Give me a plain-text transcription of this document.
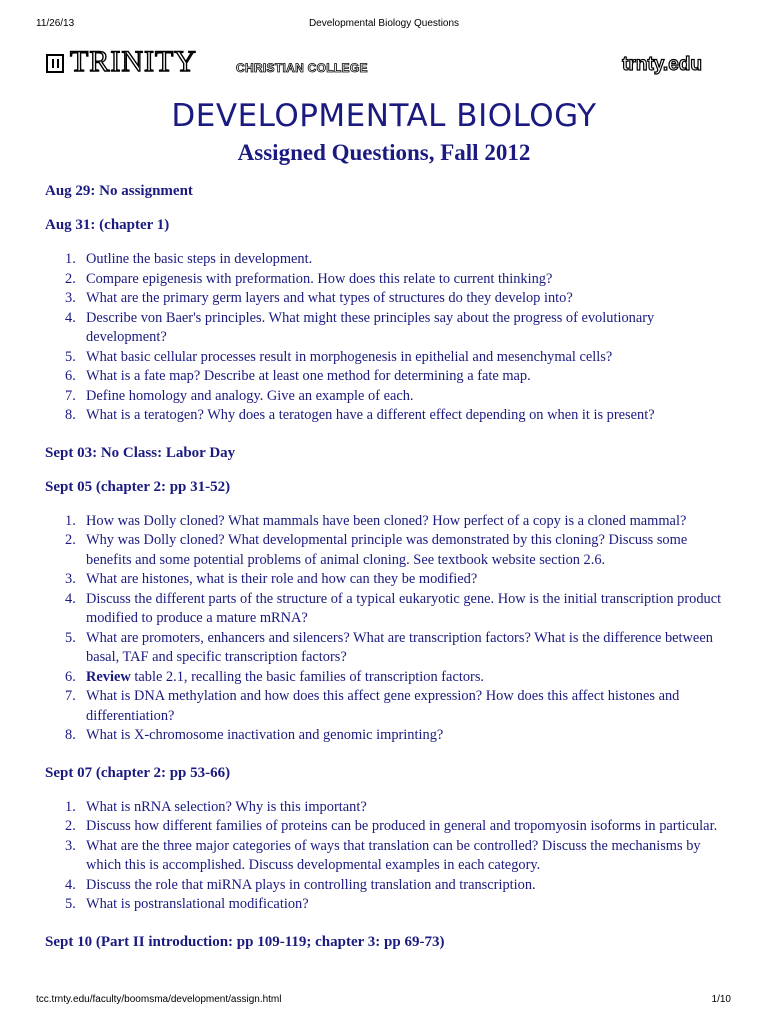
11/26/13	Developmental Biology Questions
TRINITY	CHRISTIAN COLLEGE	trnty.edu
DEVELOPMENTAL BIOLOGY
Assigned Questions, Fall 2012
Aug 29: No assignment
Aug 31: (chapter 1)
1. Outline the basic steps in development.
2. Compare epigenesis with preformation. How does this relate to current thinking?
3. What are the primary germ layers and what types of structures do they develop into?
4. Describe von Baer's principles. What might these principles say about the progress of evolutionary development?
5. What basic cellular processes result in morphogenesis in epithelial and mesenchymal cells?
6. What is a fate map? Describe at least one method for determining a fate map.
7. Define homology and analogy. Give an example of each.
8. What is a teratogen? Why does a teratogen have a different effect depending on when it is present?
Sept 03: No Class: Labor Day
Sept 05 (chapter 2: pp 31-52)
1. How was Dolly cloned? What mammals have been cloned? How perfect of a copy is a cloned mammal?
2. Why was Dolly cloned? What developmental principle was demonstrated by this cloning? Discuss some benefits and some potential problems of animal cloning. See textbook website section 2.6.
3. What are histones, what is their role and how can they be modified?
4. Discuss the different parts of the structure of a typical eukaryotic gene. How is the initial transcription product modified to produce a mature mRNA?
5. What are promoters, enhancers and silencers? What are transcription factors? What is the difference between basal, TAF and specific transcription factors?
6. Review table 2.1, recalling the basic families of transcription factors.
7. What is DNA methylation and how does this affect gene expression? How does this affect histones and differentiation?
8. What is X-chromosome inactivation and genomic imprinting?
Sept 07 (chapter 2: pp 53-66)
1. What is nRNA selection? Why is this important?
2. Discuss how different families of proteins can be produced in general and tropomyosin isoforms in particular.
3. What are the three major categories of ways that translation can be controlled? Discuss the mechanisms by which this is accomplished. Discuss developmental examples in each category.
4. Discuss the role that miRNA plays in controlling translation and transcription.
5. What is postranslational modification?
Sept 10 (Part II introduction: pp 109-119; chapter 3: pp 69-73)
tcc.trnty.edu/faculty/boomsma/development/assign.html	1/10
